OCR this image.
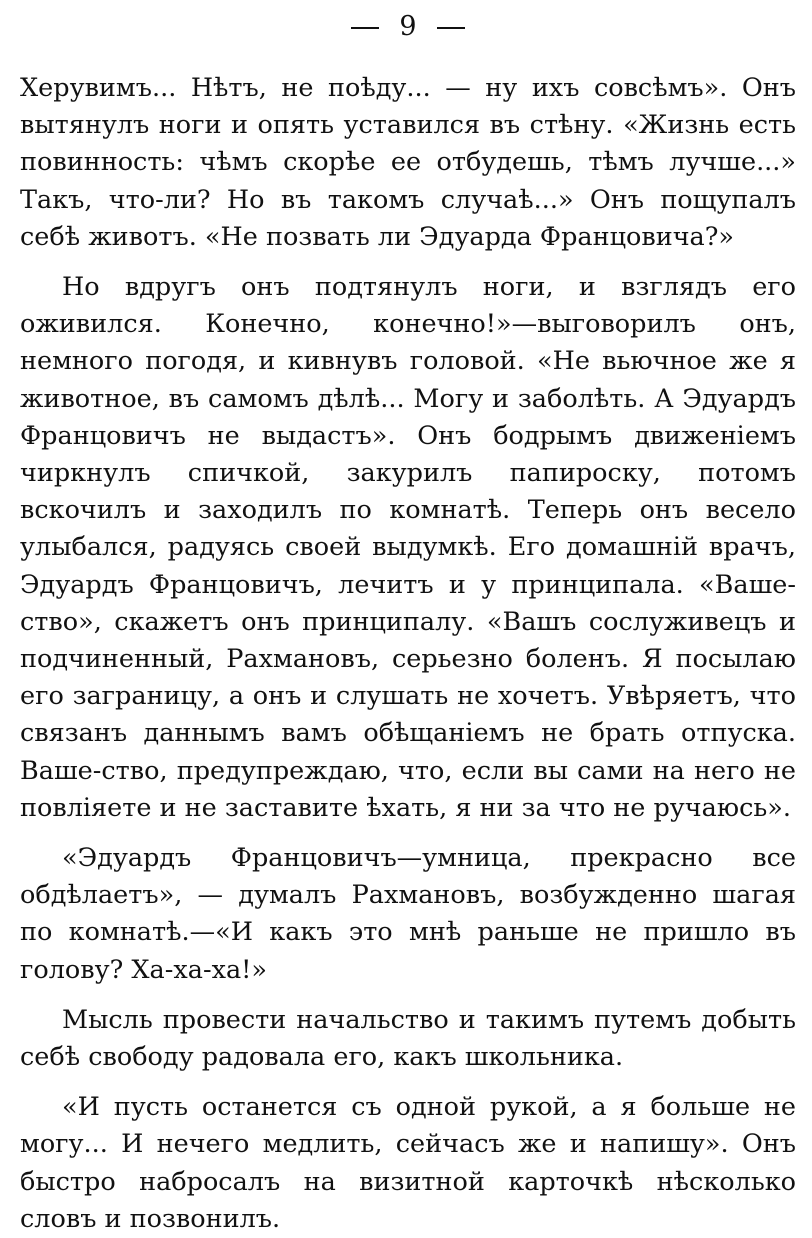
9

Херувимъ... Нѣтъ, не поѣду... — ну ихъ совсѣмъ». Онъ вытянулъ ноги и опять уставился въ стѣну. «Жизнь есть повинность: чѣмъ скорѣе ее отбудешь, тѣмъ лучше...» Такъ, что-ли? Но въ такомъ случаѣ...» Онъ пощупалъ себѣ животъ. «Не позвать ли Эдуарда Францовича?»

Но вдругъ онъ подтянулъ ноги, и взглядъ его оживился. Конечно, конечно!»—выговорилъ онъ, немного погодя, и кивнувъ головой. «Не вьючное же я животное, въ самомъ дѣлѣ... Могу и заболѣть. А Эдуардъ Францовичъ не выдастъ». Онъ бодрымъ движеніемъ чиркнулъ спичкой, закурилъ папироску, потомъ вскочилъ и заходилъ по комнатѣ. Теперь онъ весело улыбался, радуясь своей выдумкѣ. Его домашній врачъ, Эдуардъ Францовичъ, лечитъ и у принципала. «Ваше-ство», скажетъ онъ принципалу. «Вашъ сослуживецъ и подчиненный, Рахмановъ, серьезно боленъ. Я посылаю его заграницу, а онъ и слушать не хочетъ. Увѣряетъ, что связанъ даннымъ вамъ обѣщаніемъ не брать отпуска. Ваше-ство, предупреждаю, что, если вы сами на него не повліяете и не заставите ѣхать, я ни за что не ручаюсь».

«Эдуардъ Францовичъ—умница, прекрасно все обдѣлаетъ», — думалъ Рахмановъ, возбужденно шагая по комнатѣ.—«И какъ это мнѣ раньше не пришло въ голову? Ха-ха-ха!»

Мысль провести начальство и такимъ путемъ добыть себѣ свободу радовала его, какъ школьника.

«И пусть останется съ одной рукой, а я больше не могу... И нечего медлить, сейчасъ же и напишу». Онъ быстро набросалъ на визитной карточкѣ нѣсколько словъ и позвонилъ.
